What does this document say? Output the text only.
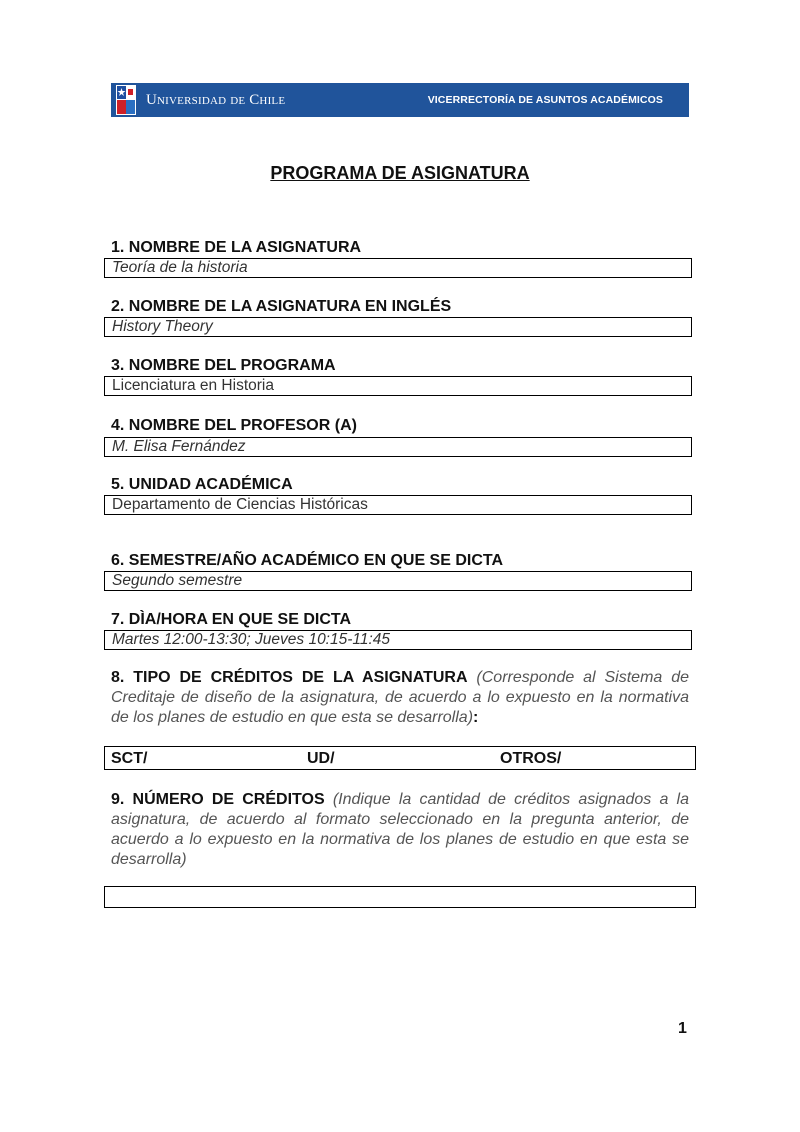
Universidad de Chile	VICERRECTORÍA DE ASUNTOS ACADÉMICOS
PROGRAMA DE ASIGNATURA
1. NOMBRE DE LA ASIGNATURA
Teoría de la historia
2. NOMBRE DE LA ASIGNATURA EN INGLÉS
History Theory
3. NOMBRE DEL PROGRAMA
Licenciatura en Historia
4. NOMBRE DEL PROFESOR (A)
M. Elisa Fernández
5. UNIDAD ACADÉMICA
Departamento de Ciencias Históricas
6. SEMESTRE/AÑO ACADÉMICO EN QUE SE DICTA
Segundo semestre
7. DÌA/HORA EN QUE SE DICTA
Martes 12:00-13:30; Jueves 10:15-11:45
8. TIPO DE CRÉDITOS DE LA ASIGNATURA (Corresponde al Sistema de Creditaje de diseño de la asignatura, de acuerdo a lo expuesto en la normativa de los planes de estudio en que esta se desarrolla):
SCT/	UD/	OTROS/
9. NÚMERO DE CRÉDITOS (Indique la cantidad de créditos asignados a la asignatura, de acuerdo al formato seleccionado en la pregunta anterior, de acuerdo a lo expuesto en la normativa de los planes de estudio en que esta se desarrolla)
1
